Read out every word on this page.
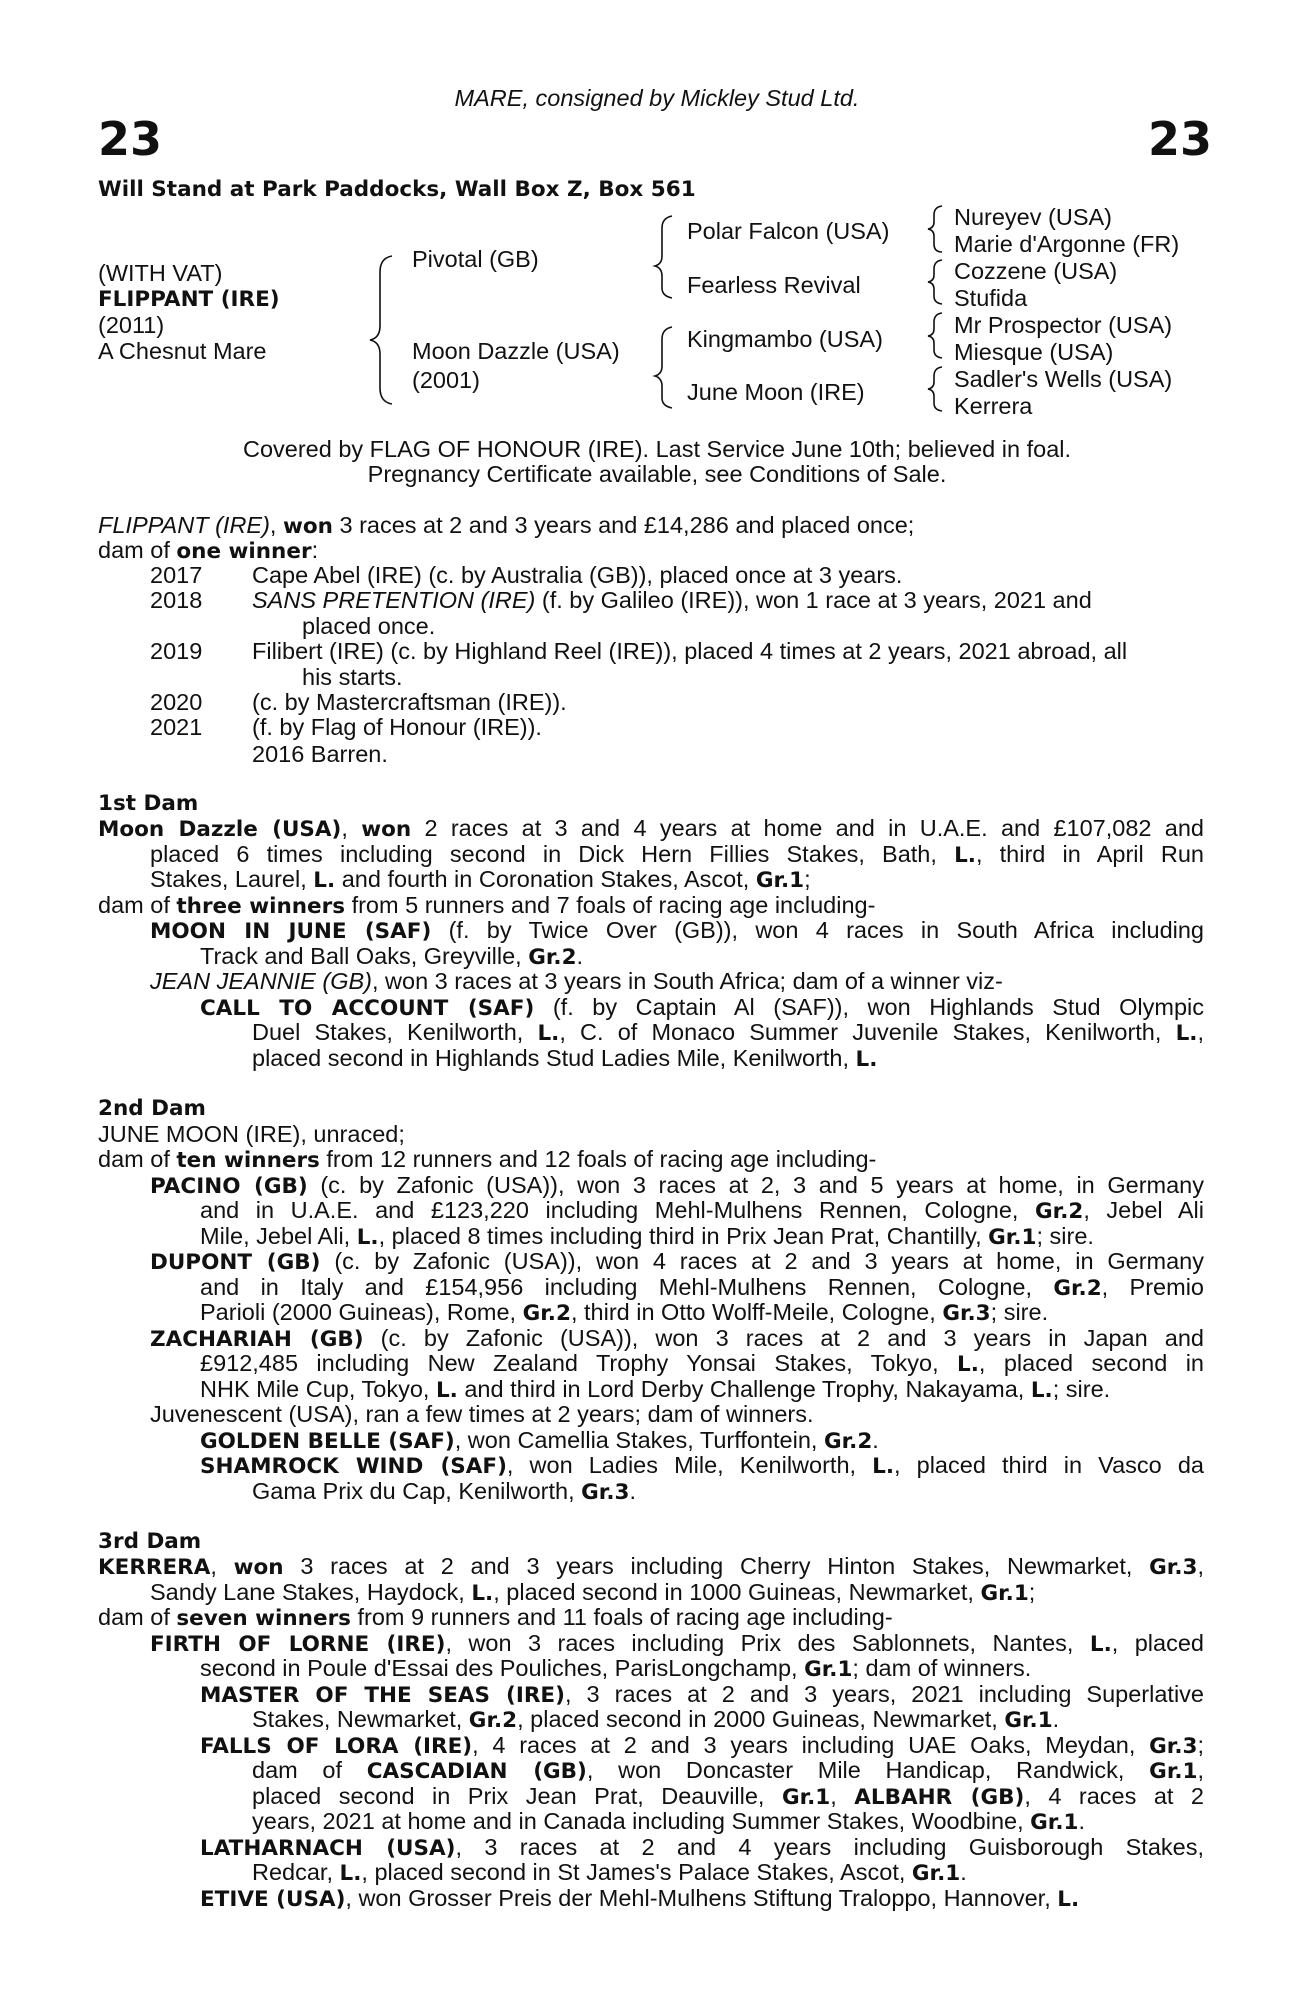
23	23
MARE, consigned by Mickley Stud Ltd.
Will Stand at Park Paddocks, Wall Box Z, Box 561
(WITH VAT)
FLIPPANT (IRE)
(2011)
A Chesnut Mare
Pivotal (GB)
Moon Dazzle (USA)
(2001)
Polar Falcon (USA)
Fearless Revival
Kingmambo (USA)
June Moon (IRE)
Nureyev (USA)
Marie d'Argonne (FR)
Cozzene (USA)
Stufida
Mr Prospector (USA)
Miesque (USA)
Sadler's Wells (USA)
Kerrera
Covered by FLAG OF HONOUR (IRE). Last Service June 10th; believed in foal.
Pregnancy Certificate available, see Conditions of Sale.
FLIPPANT (IRE), won 3 races at 2 and 3 years and £14,286 and placed once;
dam of one winner:
2017 Cape Abel (IRE) (c. by Australia (GB)), placed once at 3 years.
2018 SANS PRETENTION (IRE) (f. by Galileo (IRE)), won 1 race at 3 years, 2021 and
placed once.
2019 Filibert (IRE) (c. by Highland Reel (IRE)), placed 4 times at 2 years, 2021 abroad, all
his starts.
2020 (c. by Mastercraftsman (IRE)).
2021 (f. by Flag of Honour (IRE)).
2016 Barren.
1st Dam
Moon Dazzle (USA), won 2 races at 3 and 4 years at home and in U.A.E. and £107,082 and
placed 6 times including second in Dick Hern Fillies Stakes, Bath, L., third in April Run
Stakes, Laurel, L. and fourth in Coronation Stakes, Ascot, Gr.1;
dam of three winners from 5 runners and 7 foals of racing age including-
MOON IN JUNE (SAF) (f. by Twice Over (GB)), won 4 races in South Africa including
Track and Ball Oaks, Greyville, Gr.2.
JEAN JEANNIE (GB), won 3 races at 3 years in South Africa; dam of a winner viz-
CALL TO ACCOUNT (SAF) (f. by Captain Al (SAF)), won Highlands Stud Olympic
Duel Stakes, Kenilworth, L., C. of Monaco Summer Juvenile Stakes, Kenilworth, L.,
placed second in Highlands Stud Ladies Mile, Kenilworth, L.
2nd Dam
JUNE MOON (IRE), unraced;
dam of ten winners from 12 runners and 12 foals of racing age including-
PACINO (GB) (c. by Zafonic (USA)), won 3 races at 2, 3 and 5 years at home, in Germany
and in U.A.E. and £123,220 including Mehl-Mulhens Rennen, Cologne, Gr.2, Jebel Ali
Mile, Jebel Ali, L., placed 8 times including third in Prix Jean Prat, Chantilly, Gr.1; sire.
DUPONT (GB) (c. by Zafonic (USA)), won 4 races at 2 and 3 years at home, in Germany
and in Italy and £154,956 including Mehl-Mulhens Rennen, Cologne, Gr.2, Premio
Parioli (2000 Guineas), Rome, Gr.2, third in Otto Wolff-Meile, Cologne, Gr.3; sire.
ZACHARIAH (GB) (c. by Zafonic (USA)), won 3 races at 2 and 3 years in Japan and
£912,485 including New Zealand Trophy Yonsai Stakes, Tokyo, L., placed second in
NHK Mile Cup, Tokyo, L. and third in Lord Derby Challenge Trophy, Nakayama, L.; sire.
Juvenescent (USA), ran a few times at 2 years; dam of winners.
GOLDEN BELLE (SAF), won Camellia Stakes, Turffontein, Gr.2.
SHAMROCK WIND (SAF), won Ladies Mile, Kenilworth, L., placed third in Vasco da
Gama Prix du Cap, Kenilworth, Gr.3.
3rd Dam
KERRERA, won 3 races at 2 and 3 years including Cherry Hinton Stakes, Newmarket, Gr.3,
Sandy Lane Stakes, Haydock, L., placed second in 1000 Guineas, Newmarket, Gr.1;
dam of seven winners from 9 runners and 11 foals of racing age including-
FIRTH OF LORNE (IRE), won 3 races including Prix des Sablonnets, Nantes, L., placed
second in Poule d'Essai des Pouliches, ParisLongchamp, Gr.1; dam of winners.
MASTER OF THE SEAS (IRE), 3 races at 2 and 3 years, 2021 including Superlative
Stakes, Newmarket, Gr.2, placed second in 2000 Guineas, Newmarket, Gr.1.
FALLS OF LORA (IRE), 4 races at 2 and 3 years including UAE Oaks, Meydan, Gr.3;
dam of CASCADIAN (GB), won Doncaster Mile Handicap, Randwick, Gr.1,
placed second in Prix Jean Prat, Deauville, Gr.1, ALBAHR (GB), 4 races at 2
years, 2021 at home and in Canada including Summer Stakes, Woodbine, Gr.1.
LATHARNACH (USA), 3 races at 2 and 4 years including Guisborough Stakes,
Redcar, L., placed second in St James's Palace Stakes, Ascot, Gr.1.
ETIVE (USA), won Grosser Preis der Mehl-Mulhens Stiftung Traloppo, Hannover, L.
